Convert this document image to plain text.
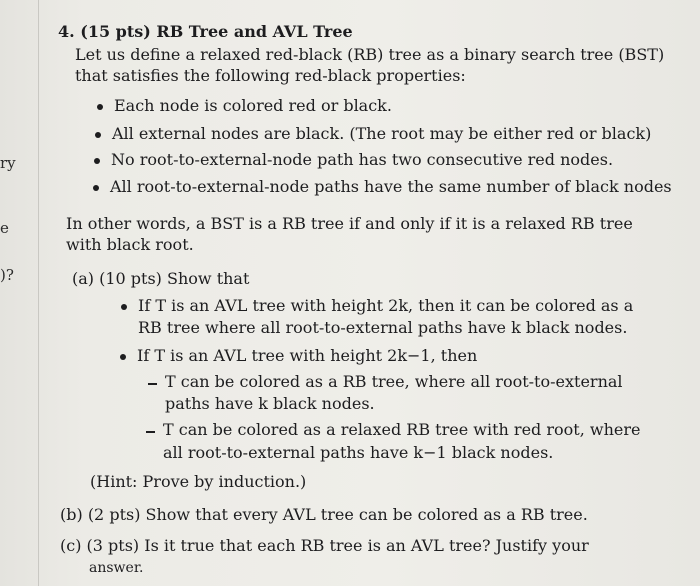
ry
e
)?
4. (15 pts) RB Tree and AVL Tree
Let us define a relaxed red-black (RB) tree as a binary search tree (BST)
that satisfies the following red-black properties:
Each node is colored red or black.
All external nodes are black. (The root may be either red or black)
No root-to-external-node path has two consecutive red nodes.
All root-to-external-node paths have the same number of black nodes
In other words, a BST is a RB tree if and only if it is a relaxed RB tree
with black root.
(a) (10 pts) Show that
If T is an AVL tree with height 2k, then it can be colored as a
RB tree where all root-to-external paths have k black nodes.
If T is an AVL tree with height 2k−1, then
T can be colored as a RB tree, where all root-to-external
paths have k black nodes.
T can be colored as a relaxed RB tree with red root, where
all root-to-external paths have k−1 black nodes.
(Hint: Prove by induction.)
(b) (2 pts) Show that every AVL tree can be colored as a RB tree.
(c) (3 pts) Is it true that each RB tree is an AVL tree? Justify your
answer.
